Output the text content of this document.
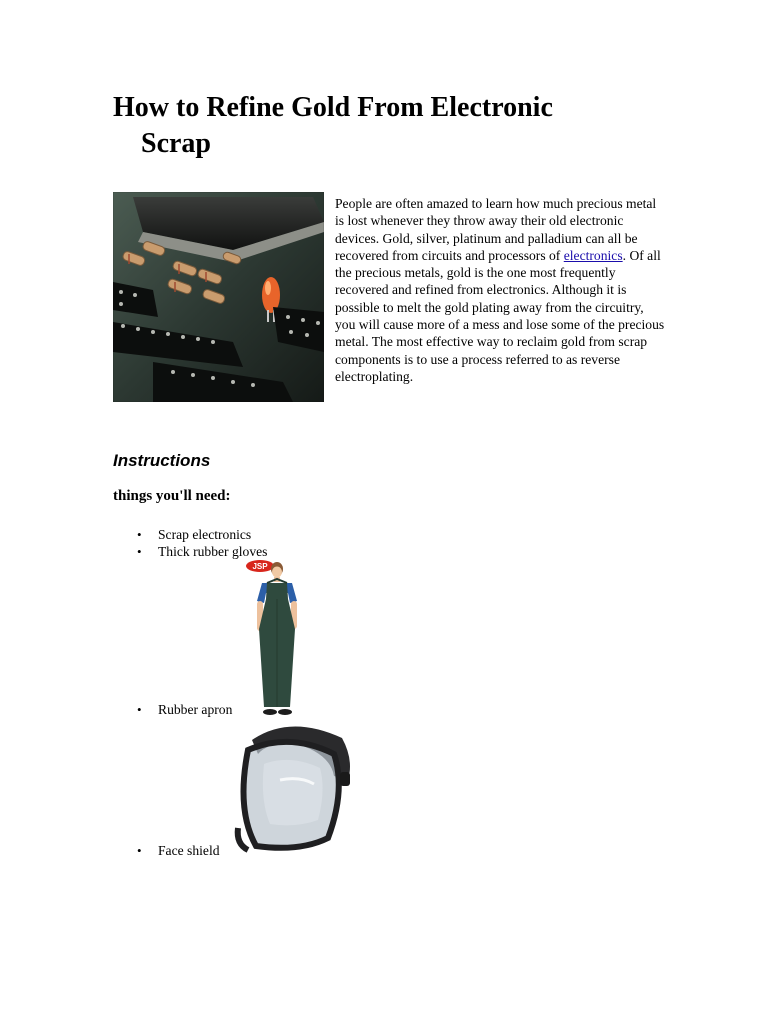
How to Refine Gold From Electronic
Scrap

People are often amazed to learn how much precious metal is lost whenever they throw away their old electronic devices. Gold, silver, platinum and palladium can all be recovered from circuits and processors of electronics. Of all the precious metals, gold is the one most frequently recovered and refined from electronics. Although it is possible to melt the gold plating away from the circuitry, you will cause more of a mess and lose some of the precious metal. The most effective way to reclaim gold from scrap components is to use a process referred to as reverse electroplating.

Instructions
things you'll need:
• Scrap electronics
• Thick rubber gloves
JSP
• Rubber apron
• Face shield
